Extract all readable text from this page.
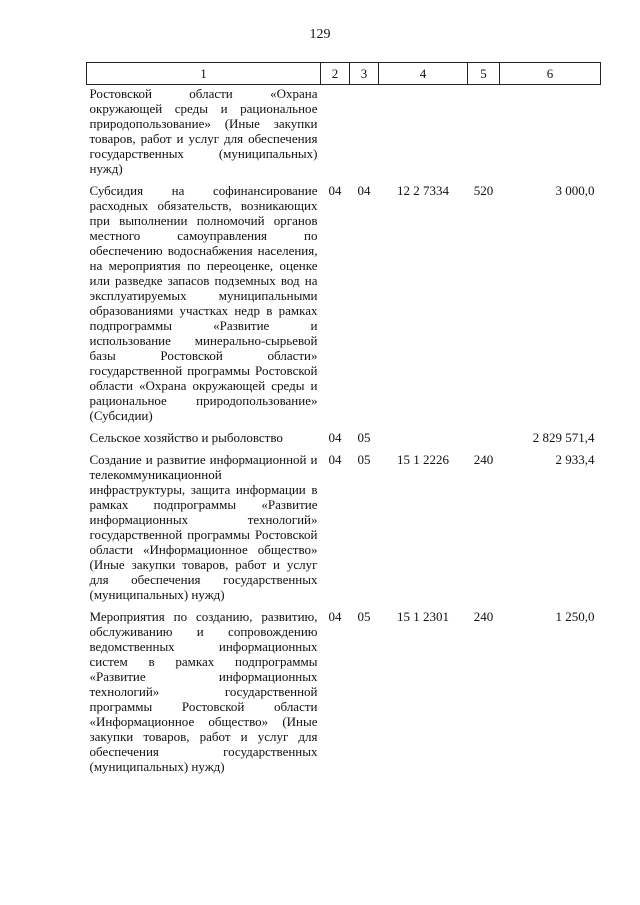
129
1	2	3	4	5	6
Ростовской области «Охрана окружающей среды и рациональное природопользование» (Иные закупки товаров, работ и услуг для обеспечения государственных (муниципальных) нужд)					
Субсидия на софинансирование расходных обязательств, возникающих при выполнении полномочий органов местного самоуправления по обеспечению водоснабжения населения, на мероприятия по переоценке, оценке или разведке запасов подземных вод на эксплуатируемых муниципальными образованиями участках недр в рамках подпрограммы «Развитие и использование минерально-сырьевой базы Ростовской области» государственной программы Ростовской области «Охрана окружающей среды и рациональное природопользование» (Субсидии)	04	04	12 2 7334	520	3 000,0
Сельское хозяйство и рыболовство	04	05			2 829 571,4
Создание и развитие информационной и телекоммуникационной инфраструктуры, защита информации в рамках подпрограммы «Развитие информационных технологий» государственной программы Ростовской области «Информационное общество» (Иные закупки товаров, работ и услуг для обеспечения государственных (муниципальных) нужд)	04	05	15 1 2226	240	2 933,4
Мероприятия по созданию, развитию, обслуживанию и сопровождению ведомственных информационных систем в рамках подпрограммы «Развитие информационных технологий» государственной программы Ростовской области «Информационное общество» (Иные закупки товаров, работ и услуг для обеспечения государственных (муниципальных) нужд)	04	05	15 1 2301	240	1 250,0
